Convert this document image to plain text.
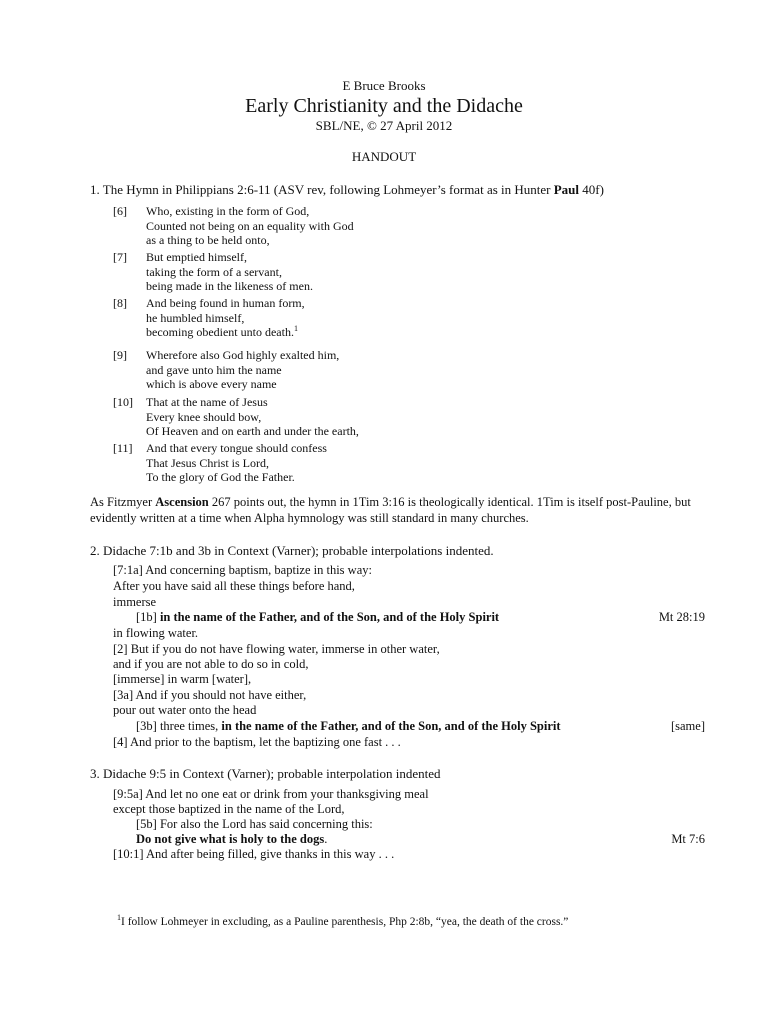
E Bruce Brooks
Early Christianity and the Didache
SBL/NE, © 27 April 2012
HANDOUT
1. The Hymn in Philippians 2:6-11 (ASV rev, following Lohmeyer’s format as in Hunter Paul 40f)
[6] Who, existing in the form of God,
Counted not being on an equality with God
as a thing to be held onto,
[7] But emptied himself,
taking the form of a servant,
being made in the likeness of men.
[8] And being found in human form,
he humbled himself,
becoming obedient unto death.$^1$
[9] Wherefore also God highly exalted him,
and gave unto him the name
which is above every name
[10] That at the name of Jesus
Every knee should bow,
Of Heaven and on earth and under the earth,
[11] And that every tongue should confess
That Jesus Christ is Lord,
To the glory of God the Father.
As Fitzmyer Ascension 267 points out, the hymn in 1Tim 3:16 is theologically identical. 1Tim is itself post-Pauline, but
evidently written at a time when Alpha hymnology was still standard in many churches.
2. Didache 7:1b and 3b in Context (Varner); probable interpolations indented.
[7:1a] And concerning baptism, baptize in this way:
After you have said all these things before hand,
immerse
[1b] in the name of the Father, and of the Son, and of the Holy Spirit	Mt 28:19
in flowing water.
[2] But if you do not have flowing water, immerse in other water,
and if you are not able to do so in cold,
[immerse] in warm [water],
[3a] And if you should not have either,
pour out water onto the head
[3b] three times, in the name of the Father, and of the Son, and of the Holy Spirit	[same]
[4] And prior to the baptism, let the baptizing one fast . . .
3. Didache 9:5 in Context (Varner); probable interpolation indented
[9:5a] And let no one eat or drink from your thanksgiving meal
except those baptized in the name of the Lord,
[5b] For also the Lord has said concerning this:
Do not give what is holy to the dogs.	Mt 7:6
[10:1] And after being filled, give thanks in this way . . .
$^1$I follow Lohmeyer in excluding, as a Pauline parenthesis, Php 2:8b, “yea, the death of the cross.”
